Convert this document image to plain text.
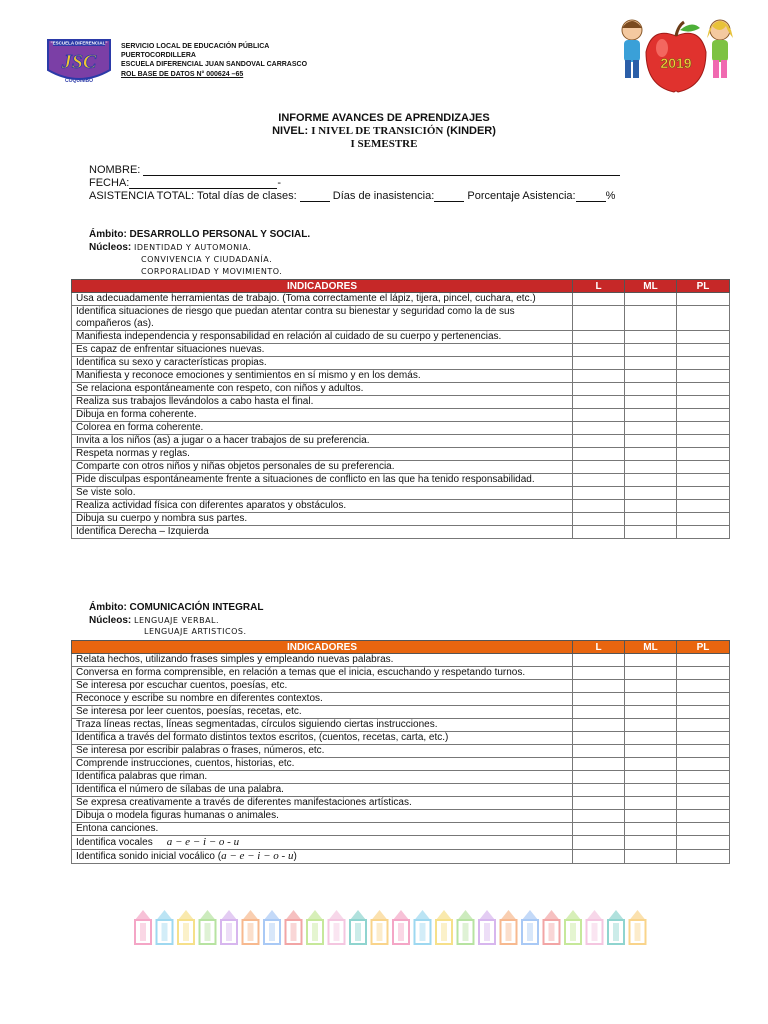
"ESCUELA DIFERENCIAL"
JSC
COQUIMBO
SERVICIO LOCAL DE EDUCACIÓN PÚBLICA
PUERTOCORDILLERA
ESCUELA DIFERENCIAL JUAN SANDOVAL CARRASCO
ROL BASE DE DATOS N° 000624 –65
2019
INFORME AVANCES DE APRENDIZAJES
NIVEL: I NIVEL DE TRANSICIÓN (KINDER)
I SEMESTRE
NOMBRE:
FECHA:	-
ASISTENCIA TOTAL: Total días de clases:	Días de inasistencia:	Porcentaje Asistencia:	%
Ámbito: DESARROLLO PERSONAL Y SOCIAL.
Núcleos: IDENTIDAD Y AUTOMONIA.
CONVIVENCIA Y CIUDADANÍA.
CORPORALIDAD Y MOVIMIENTO.
INDICADORES	L	ML	PL
Usa adecuadamente herramientas de trabajo. (Toma correctamente el lápiz, tijera, pincel, cuchara, etc.)			
Identifica situaciones de riesgo que puedan atentar contra su bienestar y seguridad como la de sus compañeros (as).			
Manifiesta independencia y responsabilidad en relación al cuidado de su cuerpo y pertenencias.			
Es capaz de enfrentar situaciones nuevas.			
Identifica su sexo y características propias.			
Manifiesta y reconoce emociones y sentimientos en sí mismo y en los demás.			
Se relaciona espontáneamente con respeto, con niños y adultos.			
Realiza sus trabajos llevándolos a cabo hasta el final.			
Dibuja en forma coherente.			
Colorea en forma coherente.			
Invita a los niños (as) a jugar o a hacer trabajos de su preferencia.			
Respeta normas y reglas.			
Comparte con otros niños y niñas objetos personales de su preferencia.			
Pide disculpas espontáneamente frente a situaciones de conflicto en las que ha tenido responsabilidad.			
Se viste solo.			
Realiza actividad física con diferentes aparatos y obstáculos.			
Dibuja su cuerpo y nombra sus partes.			
Identifica Derecha – Izquierda			
Ámbito: COMUNICACIÓN INTEGRAL
Núcleos: LENGUAJE VERBAL.
LENGUAJE ARTISTICOS.
INDICADORES	L	ML	PL
Relata hechos, utilizando frases simples y empleando nuevas palabras.			
Conversa en forma comprensible, en relación a temas que el inicia, escuchando y respetando turnos.			
Se interesa por escuchar cuentos, poesías, etc.			
Reconoce y escribe su nombre en diferentes contextos.			
Se interesa por leer cuentos, poesías, recetas, etc.			
Traza líneas rectas, líneas segmentadas, círculos siguiendo ciertas instrucciones.			
Identifica a través del formato distintos textos escritos, (cuentos, recetas, carta, etc.)			
Se interesa por escribir palabras o frases, números, etc.			
Comprende instrucciones, cuentos, historias, etc.			
Identifica palabras que riman.			
Identifica el número de sílabas de una palabra.			
Se expresa creativamente a través de diferentes manifestaciones artísticas.			
Dibuja o modela figuras humanas o animales.			
Entona canciones.			
Identifica vocales a − e − i − o - u			
Identifica sonido inicial vocálico (a − e − i − o - u)			
